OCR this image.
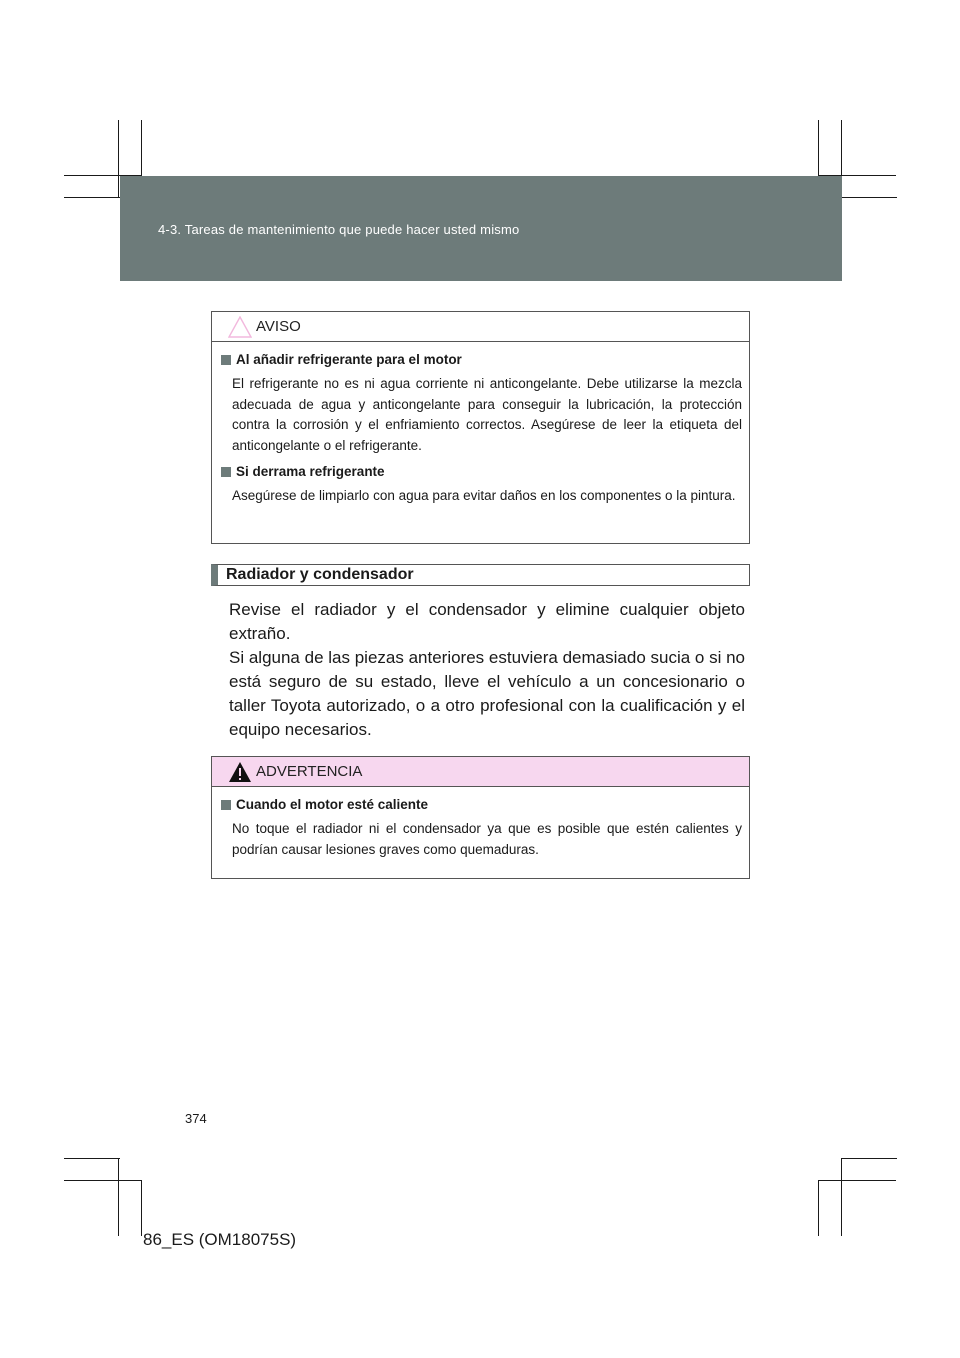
4-3. Tareas de mantenimiento que puede hacer usted mismo
AVISO
Al añadir refrigerante para el motor

El refrigerante no es ni agua corriente ni anticongelante. Debe utilizarse la mezcla adecuada de agua y anticongelante para conseguir la lubricación, la protección contra la corrosión y el enfriamiento correctos. Asegúrese de leer la etiqueta del anticongelante o el refrigerante.

Si derrama refrigerante

Asegúrese de limpiarlo con agua para evitar daños en los componentes o la pintura.

Radiador y condensador

Revise el radiador y el condensador y elimine cualquier objeto extraño.

Si alguna de las piezas anteriores estuviera demasiado sucia o si no está seguro de su estado, lleve el vehículo a un concesionario o taller Toyota autorizado, o a otro profesional con la cualificación y el equipo necesarios.

ADVERTENCIA
Cuando el motor esté caliente

No toque el radiador ni el condensador ya que es posible que estén calientes y podrían causar lesiones graves como quemaduras.

374
86_ES (OM18075S)
